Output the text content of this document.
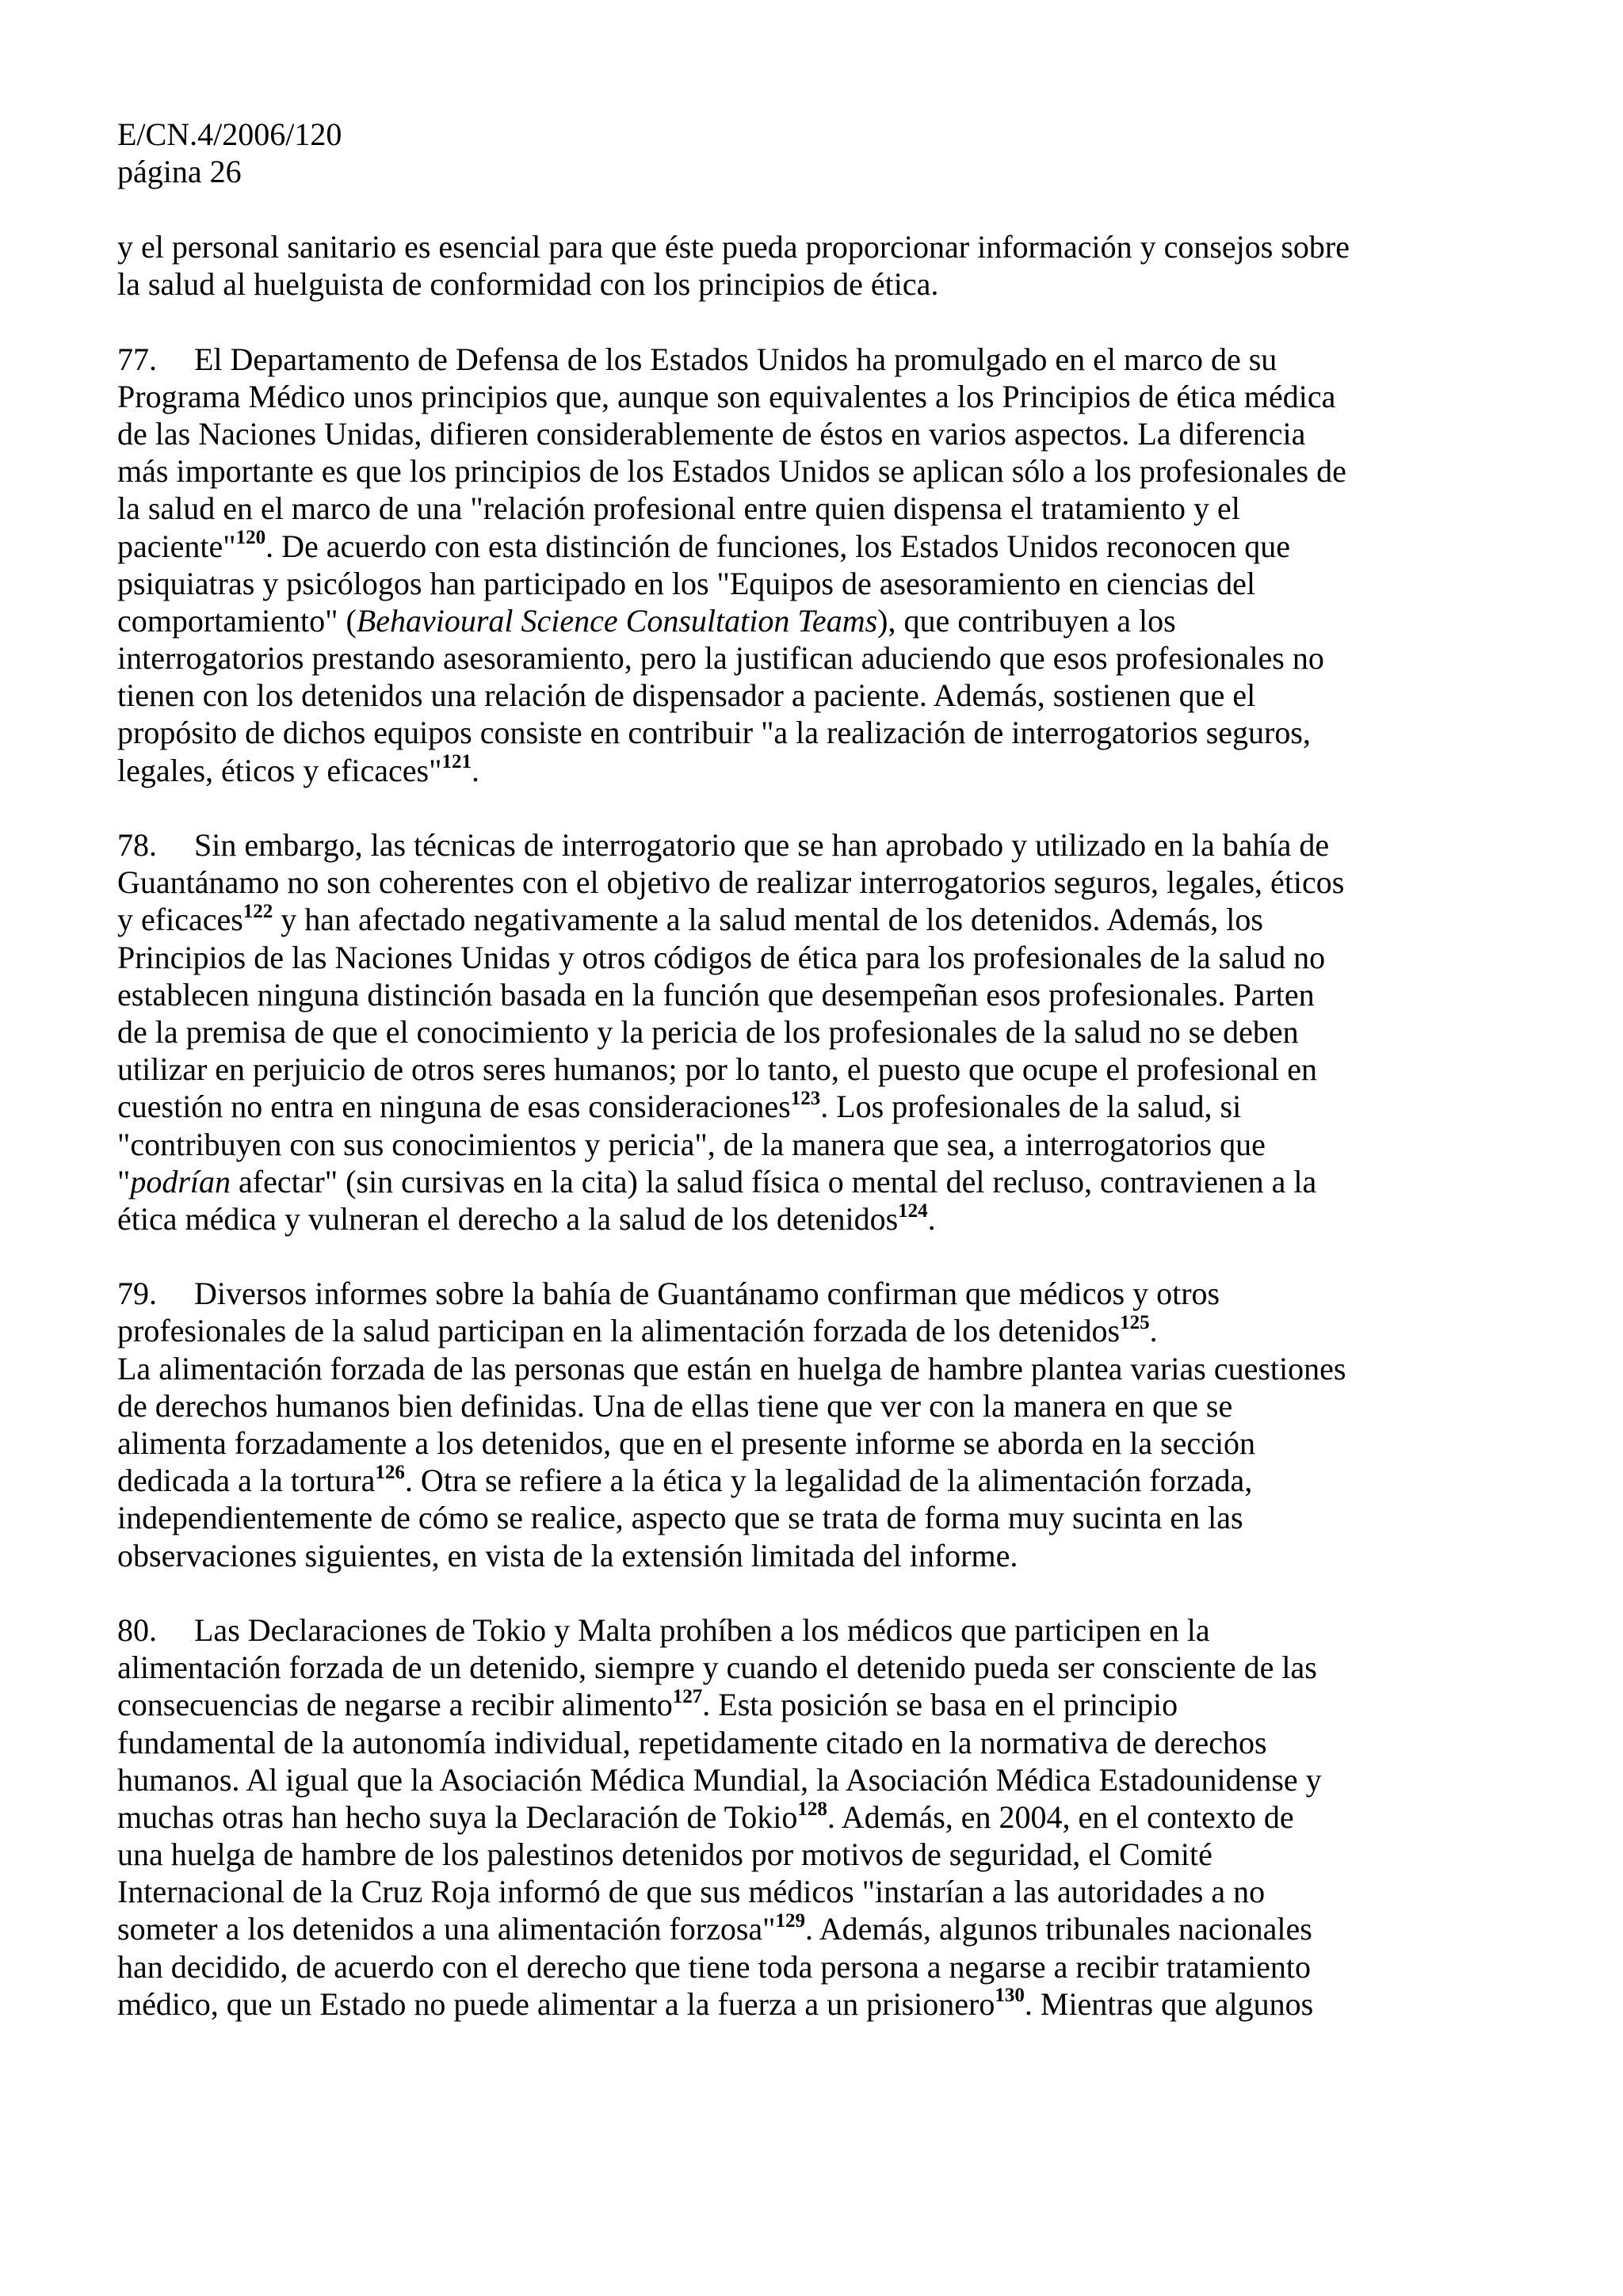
E/CN.4/2006/120
página 26
y el personal sanitario es esencial para que éste pueda proporcionar información y consejos sobre
la salud al huelguista de conformidad con los principios de ética.
77. El Departamento de Defensa de los Estados Unidos ha promulgado en el marco de su
Programa Médico unos principios que, aunque son equivalentes a los Principios de ética médica
de las Naciones Unidas, difieren considerablemente de éstos en varios aspectos. La diferencia
más importante es que los principios de los Estados Unidos se aplican sólo a los profesionales de
la salud en el marco de una "relación profesional entre quien dispensa el tratamiento y el
paciente"$^{120}$. De acuerdo con esta distinción de funciones, los Estados Unidos reconocen que
psiquiatras y psicólogos han participado en los "Equipos de asesoramiento en ciencias del
comportamiento" (Behavioural Science Consultation Teams), que contribuyen a los
interrogatorios prestando asesoramiento, pero la justifican aduciendo que esos profesionales no
tienen con los detenidos una relación de dispensador a paciente. Además, sostienen que el
propósito de dichos equipos consiste en contribuir "a la realización de interrogatorios seguros,
legales, éticos y eficaces"$^{121}$.
78. Sin embargo, las técnicas de interrogatorio que se han aprobado y utilizado en la bahía de
Guantánamo no son coherentes con el objetivo de realizar interrogatorios seguros, legales, éticos
y eficaces$^{122}$ y han afectado negativamente a la salud mental de los detenidos. Además, los
Principios de las Naciones Unidas y otros códigos de ética para los profesionales de la salud no
establecen ninguna distinción basada en la función que desempeñan esos profesionales. Parten
de la premisa de que el conocimiento y la pericia de los profesionales de la salud no se deben
utilizar en perjuicio de otros seres humanos; por lo tanto, el puesto que ocupe el profesional en
cuestión no entra en ninguna de esas consideraciones$^{123}$. Los profesionales de la salud, si
"contribuyen con sus conocimientos y pericia", de la manera que sea, a interrogatorios que
"podrían afectar" (sin cursivas en la cita) la salud física o mental del recluso, contravienen a la
ética médica y vulneran el derecho a la salud de los detenidos$^{124}$.
79. Diversos informes sobre la bahía de Guantánamo confirman que médicos y otros
profesionales de la salud participan en la alimentación forzada de los detenidos$^{125}$.
La alimentación forzada de las personas que están en huelga de hambre plantea varias cuestiones
de derechos humanos bien definidas. Una de ellas tiene que ver con la manera en que se
alimenta forzadamente a los detenidos, que en el presente informe se aborda en la sección
dedicada a la tortura$^{126}$. Otra se refiere a la ética y la legalidad de la alimentación forzada,
independientemente de cómo se realice, aspecto que se trata de forma muy sucinta en las
observaciones siguientes, en vista de la extensión limitada del informe.
80. Las Declaraciones de Tokio y Malta prohíben a los médicos que participen en la
alimentación forzada de un detenido, siempre y cuando el detenido pueda ser consciente de las
consecuencias de negarse a recibir alimento$^{127}$. Esta posición se basa en el principio
fundamental de la autonomía individual, repetidamente citado en la normativa de derechos
humanos. Al igual que la Asociación Médica Mundial, la Asociación Médica Estadounidense y
muchas otras han hecho suya la Declaración de Tokio$^{128}$. Además, en 2004, en el contexto de
una huelga de hambre de los palestinos detenidos por motivos de seguridad, el Comité
Internacional de la Cruz Roja informó de que sus médicos "instarían a las autoridades a no
someter a los detenidos a una alimentación forzosa"$^{129}$. Además, algunos tribunales nacionales
han decidido, de acuerdo con el derecho que tiene toda persona a negarse a recibir tratamiento
médico, que un Estado no puede alimentar a la fuerza a un prisionero$^{130}$. Mientras que algunos
